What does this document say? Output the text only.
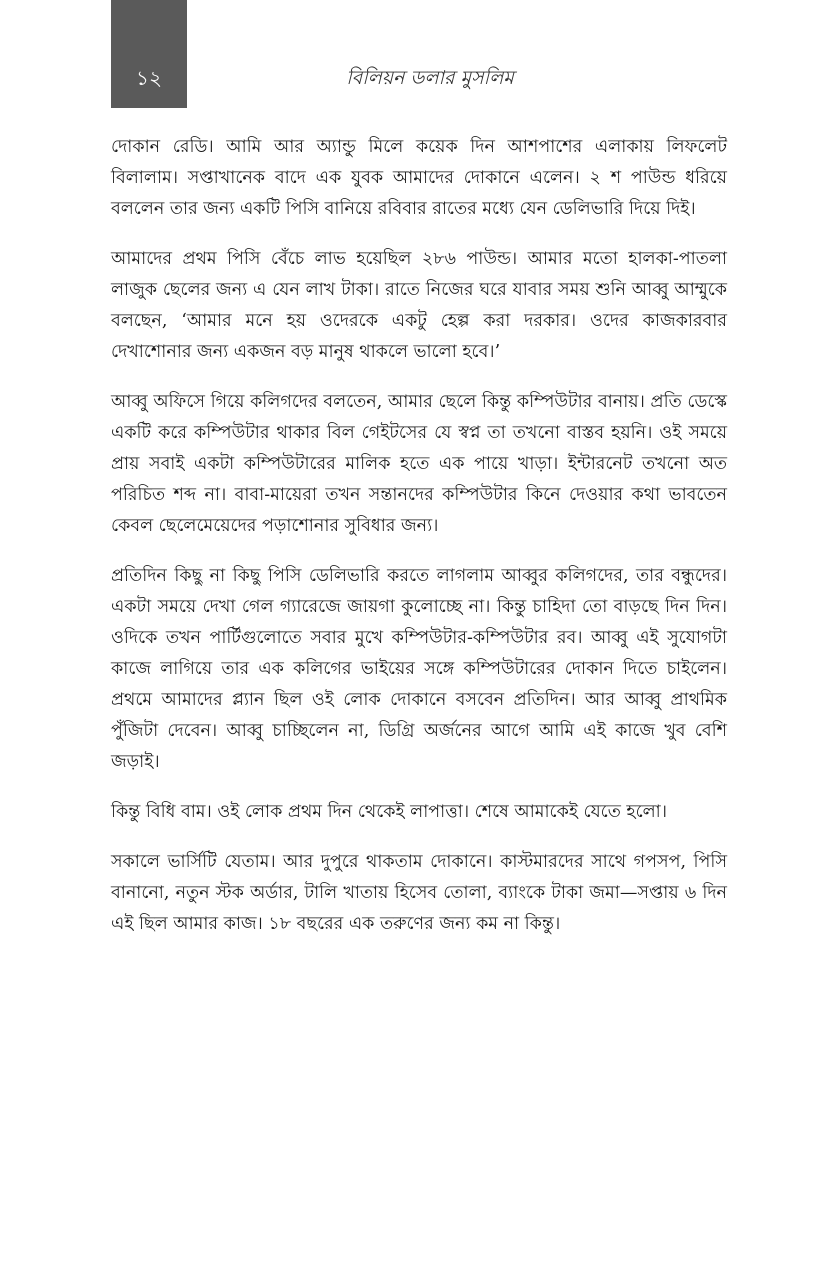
১২	বিলিয়ন ডলার মুসলিম

দোকান রেডি। আমি আর অ্যান্ডু মিলে কয়েক দিন আশপাশের এলাকায় লিফলেট বিলালাম। সপ্তাখানেক বাদে এক যুবক আমাদের দোকানে এলেন। ২ শ পাউন্ড ধরিয়ে বললেন তার জন্য একটি পিসি বানিয়ে রবিবার রাতের মধ্যে যেন ডেলিভারি দিয়ে দিই।

আমাদের প্রথম পিসি বেঁচে লাভ হয়েছিল ২৮৬ পাউন্ড। আমার মতো হালকা-পাতলা লাজুক ছেলের জন্য এ যেন লাখ টাকা। রাতে নিজের ঘরে যাবার সময় শুনি আব্বু আম্মুকে বলছেন, ‘আমার মনে হয় ওদেরকে একটু হেল্প করা দরকার। ওদের কাজকারবার দেখাশোনার জন্য একজন বড় মানুষ থাকলে ভালো হবে।’

আব্বু অফিসে গিয়ে কলিগদের বলতেন, আমার ছেলে কিন্তু কম্পিউটার বানায়। প্রতি ডেস্কে একটি করে কম্পিউটার থাকার বিল গেইটসের যে স্বপ্ন তা তখনো বাস্তব হয়নি। ওই সময়ে প্রায় সবাই একটা কম্পিউটারের মালিক হতে এক পায়ে খাড়া। ইন্টারনেট তখনো অত পরিচিত শব্দ না। বাবা-মায়েরা তখন সন্তানদের কম্পিউটার কিনে দেওয়ার কথা ভাবতেন কেবল ছেলেমেয়েদের পড়াশোনার সুবিধার জন্য।

প্রতিদিন কিছু না কিছু পিসি ডেলিভারি করতে লাগলাম আব্বুর কলিগদের, তার বন্ধুদের। একটা সময়ে দেখা গেল গ্যারেজে জায়গা কুলোচ্ছে না। কিন্তু চাহিদা তো বাড়ছে দিন দিন। ওদিকে তখন পার্টিগুলোতে সবার মুখে কম্পিউটার-কম্পিউটার রব। আব্বু এই সুযোগটা কাজে লাগিয়ে তার এক কলিগের ভাইয়ের সঙ্গে কম্পিউটারের দোকান দিতে চাইলেন। প্রথমে আমাদের প্ল্যান ছিল ওই লোক দোকানে বসবেন প্রতিদিন। আর আব্বু প্রাথমিক পুঁজিটা দেবেন। আব্বু চাচ্ছিলেন না, ডিগ্রি অর্জনের আগে আমি এই কাজে খুব বেশি জড়াই।

কিন্তু বিধি বাম। ওই লোক প্রথম দিন থেকেই লাপাত্তা। শেষে আমাকেই যেতে হলো।

সকালে ভার্সিটি যেতাম। আর দুপুরে থাকতাম দোকানে। কাস্টমারদের সাথে গপসপ, পিসি বানানো, নতুন স্টক অর্ডার, টালি খাতায় হিসেব তোলা, ব্যাংকে টাকা জমা—সপ্তায় ৬ দিন এই ছিল আমার কাজ। ১৮ বছরের এক তরুণের জন্য কম না কিন্তু।
